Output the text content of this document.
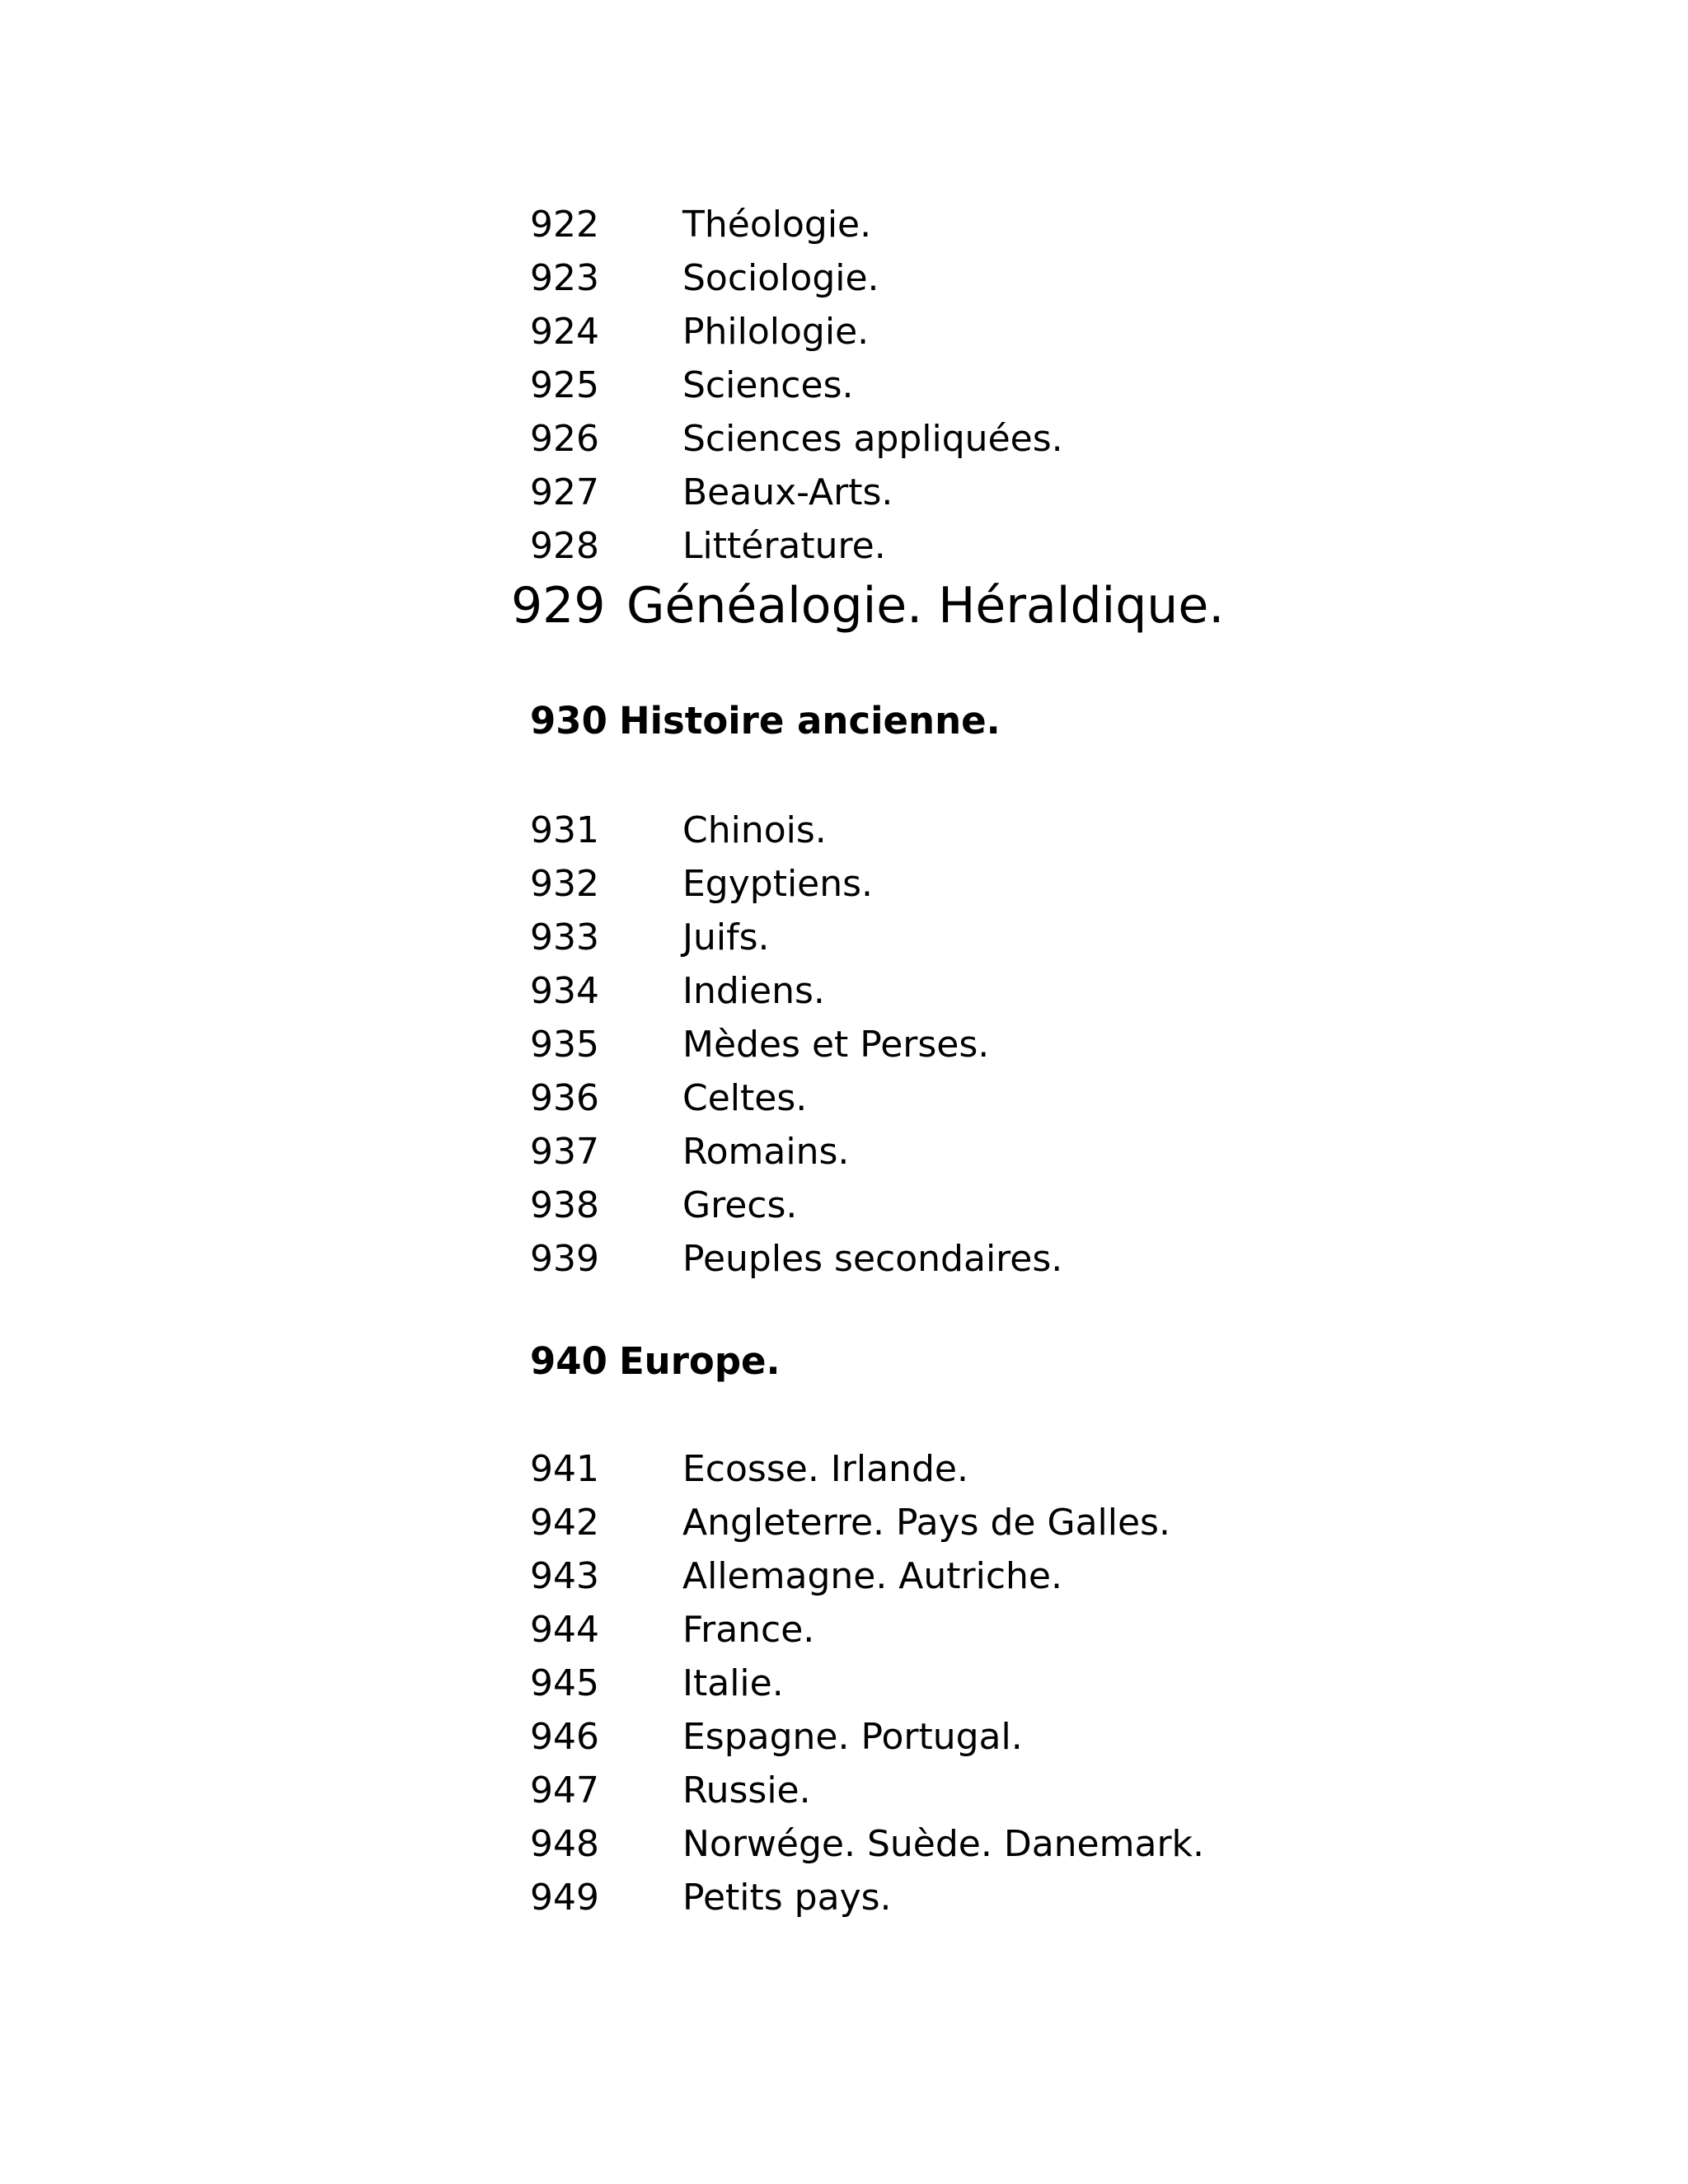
922	Théologie.
923	Sociologie.
924	Philologie.
925	Sciences.
926	Sciences appliquées.
927	Beaux-Arts.
928	Littérature.
929 Généalogie. Héraldique.
930 Histoire ancienne.
931	Chinois.
932	Egyptiens.
933	Juifs.
934	Indiens.
935	Mèdes et Perses.
936	Celtes.
937	Romains.
938	Grecs.
939	Peuples secondaires.
940 Europe.
941	Ecosse. Irlande.
942	Angleterre. Pays de Galles.
943	Allemagne. Autriche.
944	France.
945	Italie.
946	Espagne. Portugal.
947	Russie.
948	Norwége. Suède. Danemark.
949	Petits pays.
